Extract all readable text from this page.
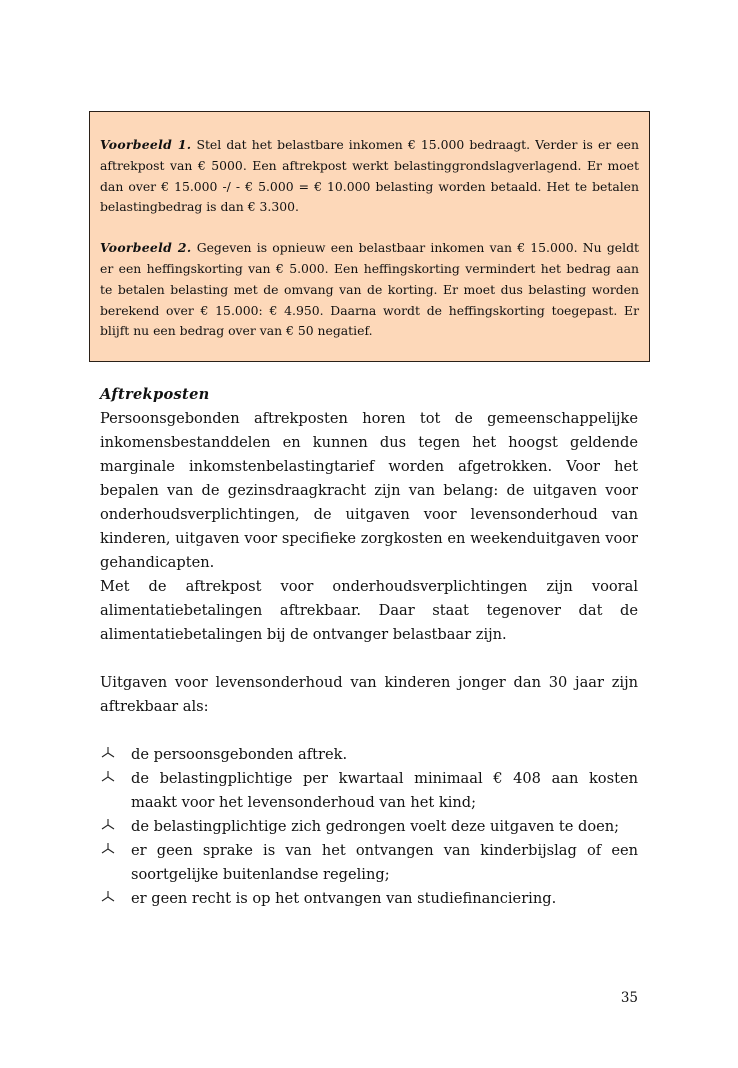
Voorbeeld 1. Stel dat het belastbare inkomen € 15.000 bedraagt. Verder is er een aftrekpost van € 5000. Een aftrekpost werkt belastinggrondslagverlagend. Er moet dan over € 15.000 -/ - € 5.000 = € 10.000 belasting worden betaald. Het te betalen belastingbedrag is dan € 3.300.

Voorbeeld 2. Gegeven is opnieuw een belastbaar inkomen van € 15.000. Nu geldt er een heffingskorting van € 5.000. Een heffingskorting vermindert het bedrag aan te betalen belasting met de omvang van de korting. Er moet dus belasting worden berekend over € 15.000: € 4.950. Daarna wordt de heffingskorting toegepast. Er blijft nu een bedrag over van € 50 negatief.

Aftrekposten

Persoonsgebonden aftrekposten horen tot de gemeenschappelijke inkomensbestanddelen en kunnen dus tegen het hoogst geldende marginale inkomstenbelastingtarief worden afgetrokken. Voor het bepalen van de gezinsdraagkracht zijn van belang: de uitgaven voor onderhoudsverplichtingen, de uitgaven voor levensonderhoud van kinderen, uitgaven voor specifieke zorgkosten en weekenduitgaven voor gehandicapten.

Met de aftrekpost voor onderhoudsverplichtingen zijn vooral alimentatiebetalingen aftrekbaar. Daar staat tegenover dat de alimentatiebetalingen bij de ontvanger belastbaar zijn.

Uitgaven voor levensonderhoud van kinderen jonger dan 30 jaar zijn aftrekbaar als:

de persoonsgebonden aftrek.
de belastingplichtige per kwartaal minimaal € 408 aan kosten maakt voor het levensonderhoud van het kind;
de belastingplichtige zich gedrongen voelt deze uitgaven te doen;
er geen sprake is van het ontvangen van kinderbijslag of een soortgelijke buitenlandse regeling;
er geen recht is op het ontvangen van studiefinanciering.
35
